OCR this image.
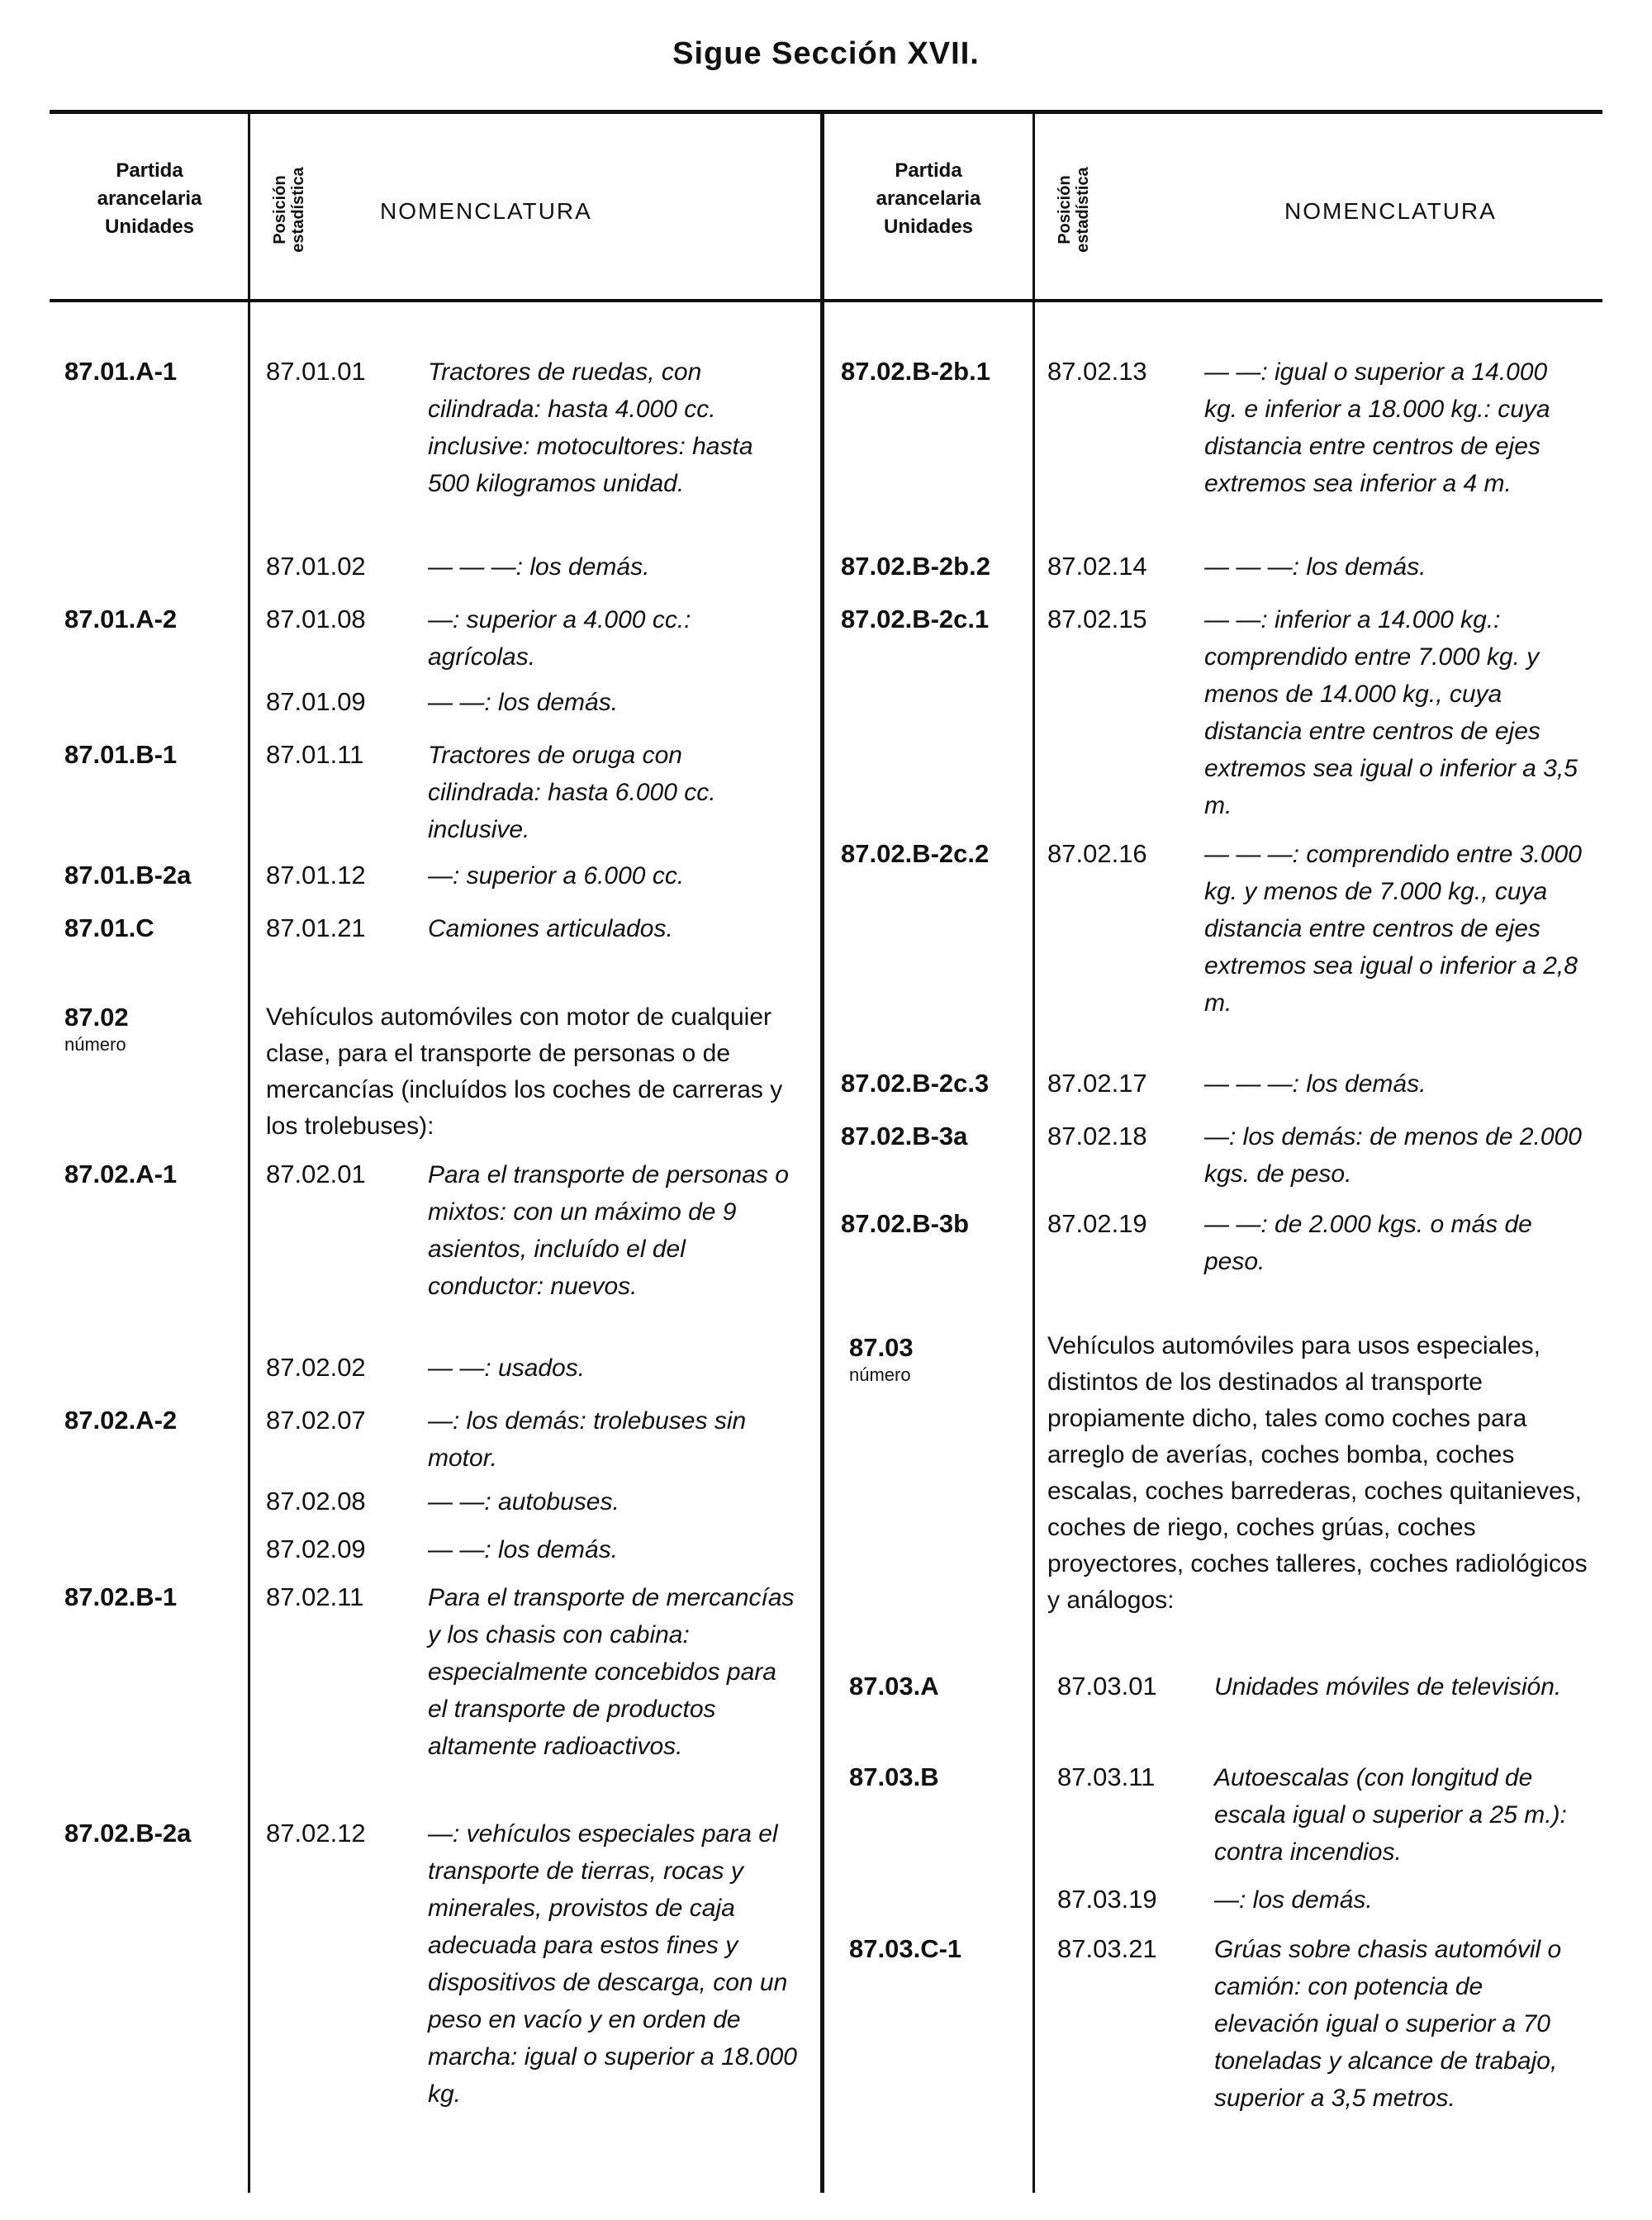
Sigue Sección XVII.
Partida
arancelaria
Unidades	Posición estadística	NOMENCLATURA
Partida
arancelaria
Unidades	Posición estadística	NOMENCLATURA
87.01.A-1	87.01.01	Tractores de ruedas, con cilindrada: hasta 4.000 cc. inclusive: motocultores: hasta 500 kilogramos unidad.
87.01.02	— — —: los demás.
87.01.A-2	87.01.08	—: superior a 4.000 cc.: agrícolas.
87.01.09	— —: los demás.
87.01.B-1	87.01.11	Tractores de oruga con cilindrada: hasta 6.000 cc. inclusive.
87.01.B-2a	87.01.12	—: superior a 6.000 cc.
87.01.C	87.01.21	Camiones articulados.
87.02
número
Vehículos automóviles con motor de cualquier clase, para el transporte de personas o de mercancías (incluídos los coches de carreras y los trolebuses):
87.02.A-1	87.02.01	Para el transporte de personas o mixtos: con un máximo de 9 asientos, incluído el del conductor: nuevos.
87.02.02	— —: usados.
87.02.A-2	87.02.07	—: los demás: trolebuses sin motor.
87.02.08	— —: autobuses.
87.02.09	— —: los demás.
87.02.B-1	87.02.11	Para el transporte de mercancías y los chasis con cabina: especialmente concebidos para el transporte de productos altamente radioactivos.
87.02.B-2a	87.02.12	—: vehículos especiales para el transporte de tierras, rocas y minerales, provistos de caja adecuada para estos fines y dispositivos de descarga, con un peso en vacío y en orden de marcha: igual o superior a 18.000 kg.
87.02.B-2b.1 87.02.13 — —: igual o superior a 14.000 kg. e inferior a 18.000 kg.: cuya distancia entre centros de ejes extremos sea inferior a 4 m.
87.02.B-2b.2 87.02.14 — — —: los demás.
87.02.B-2c.1 87.02.15 — —: inferior a 14.000 kg.: comprendido entre 7.000 kg. y menos de 14.000 kg., cuya distancia entre centros de ejes extremos sea igual o inferior a 3,5 m.
87.02.B-2c.2 87.02.16 — — —: comprendido entre 3.000 kg. y menos de 7.000 kg., cuya distancia entre centros de ejes extremos sea igual o inferior a 2,8 m.
87.02.B-2c.3 87.02.17 — — —: los demás.
87.02.B-3a	87.02.18 —: los demás: de menos de 2.000 kgs. de peso.
87.02.B-3b	87.02.19 — —: de 2.000 kgs. o más de peso.
87.03
número
Vehículos automóviles para usos especiales, distintos de los destinados al transporte propiamente dicho, tales como coches para arreglo de averías, coches bomba, coches escalas, coches barrederas, coches quitanieves, coches de riego, coches grúas, coches proyectores, coches talleres, coches radiológicos y análogos:
87.03.A	87.03.01 Unidades móviles de televisión.
87.03.B	87.03.11 Autoescalas (con longitud de escala igual o superior a 25 m.): contra incendios.
87.03.19 —: los demás.
87.03.C-1	87.03.21 Grúas sobre chasis automóvil o camión: con potencia de elevación igual o superior a 70 toneladas y alcance de trabajo, superior a 3,5 metros.
